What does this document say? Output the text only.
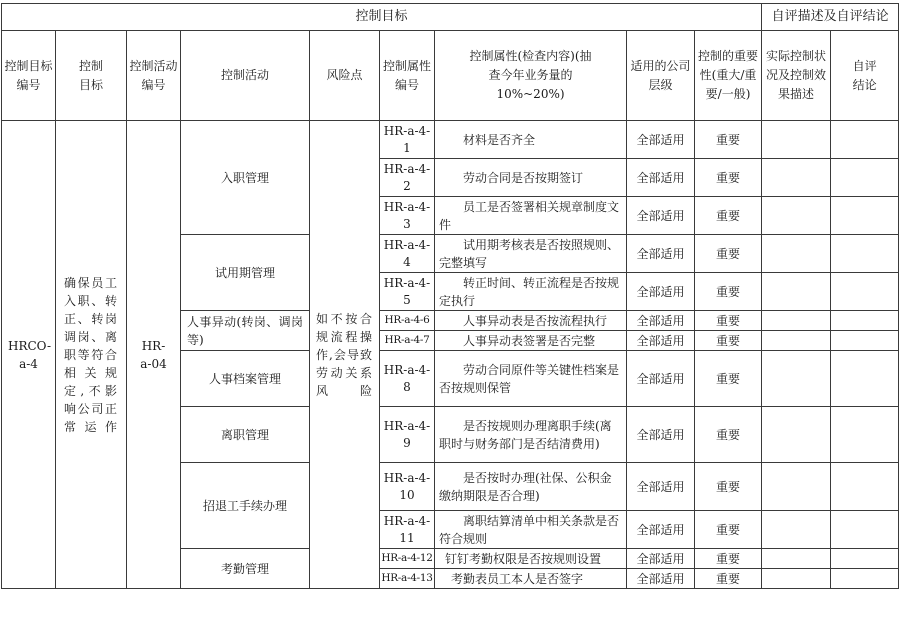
控制目标									自评描述及自评结论	
控制目标编号	控制目标	控制活动编号	控制活动	风险点	控制属性编号	控制属性(检查内容)(抽查今年业务量的10%~20%)	适用的公司层级	控制的重要性(重大/重要/一般)	实际控制状况及控制效果描述	自评结论
HRCO-a-4	确保员工入职、转正、转岗调岗、离职等符合相关规定,不影响公司正常运作	HR-a-04	入职管理	如不按合规流程操作,会导致劳动关系风险	HR-a-4-1	材料是否齐全	全部适用	重要		
					HR-a-4-2	劳动合同是否按期签订	全部适用	重要		
					HR-a-4-3	员工是否签署相关规章制度文件	全部适用	重要		
			试用期管理		HR-a-4-4	试用期考核表是否按照规则、完整填写	全部适用	重要		
					HR-a-4-5	转正时间、转正流程是否按规定执行	全部适用	重要		
			人事异动(转岗、调岗等)		HR-a-4-6	人事异动表是否按流程执行	全部适用	重要		
					HR-a-4-7	人事异动表签署是否完整	全部适用	重要		
			人事档案管理		HR-a-4-8	劳动合同原件等关键性档案是否按规则保管	全部适用	重要		
			离职管理		HR-a-4-9	是否按规则办理离职手续(离职时与财务部门是否结清费用)	全部适用	重要		
			招退工手续办理		HR-a-4-10	是否按时办理(社保、公积金缴纳期限是否合理)	全部适用	重要		
					HR-a-4-11	离职结算清单中相关条款是否符合规则	全部适用	重要		
			考勤管理		HR-a-4-12	钉钉考勤权限是否按规则设置	全部适用	重要		
					HR-a-4-13	考勤表员工本人是否签字	全部适用	重要		
